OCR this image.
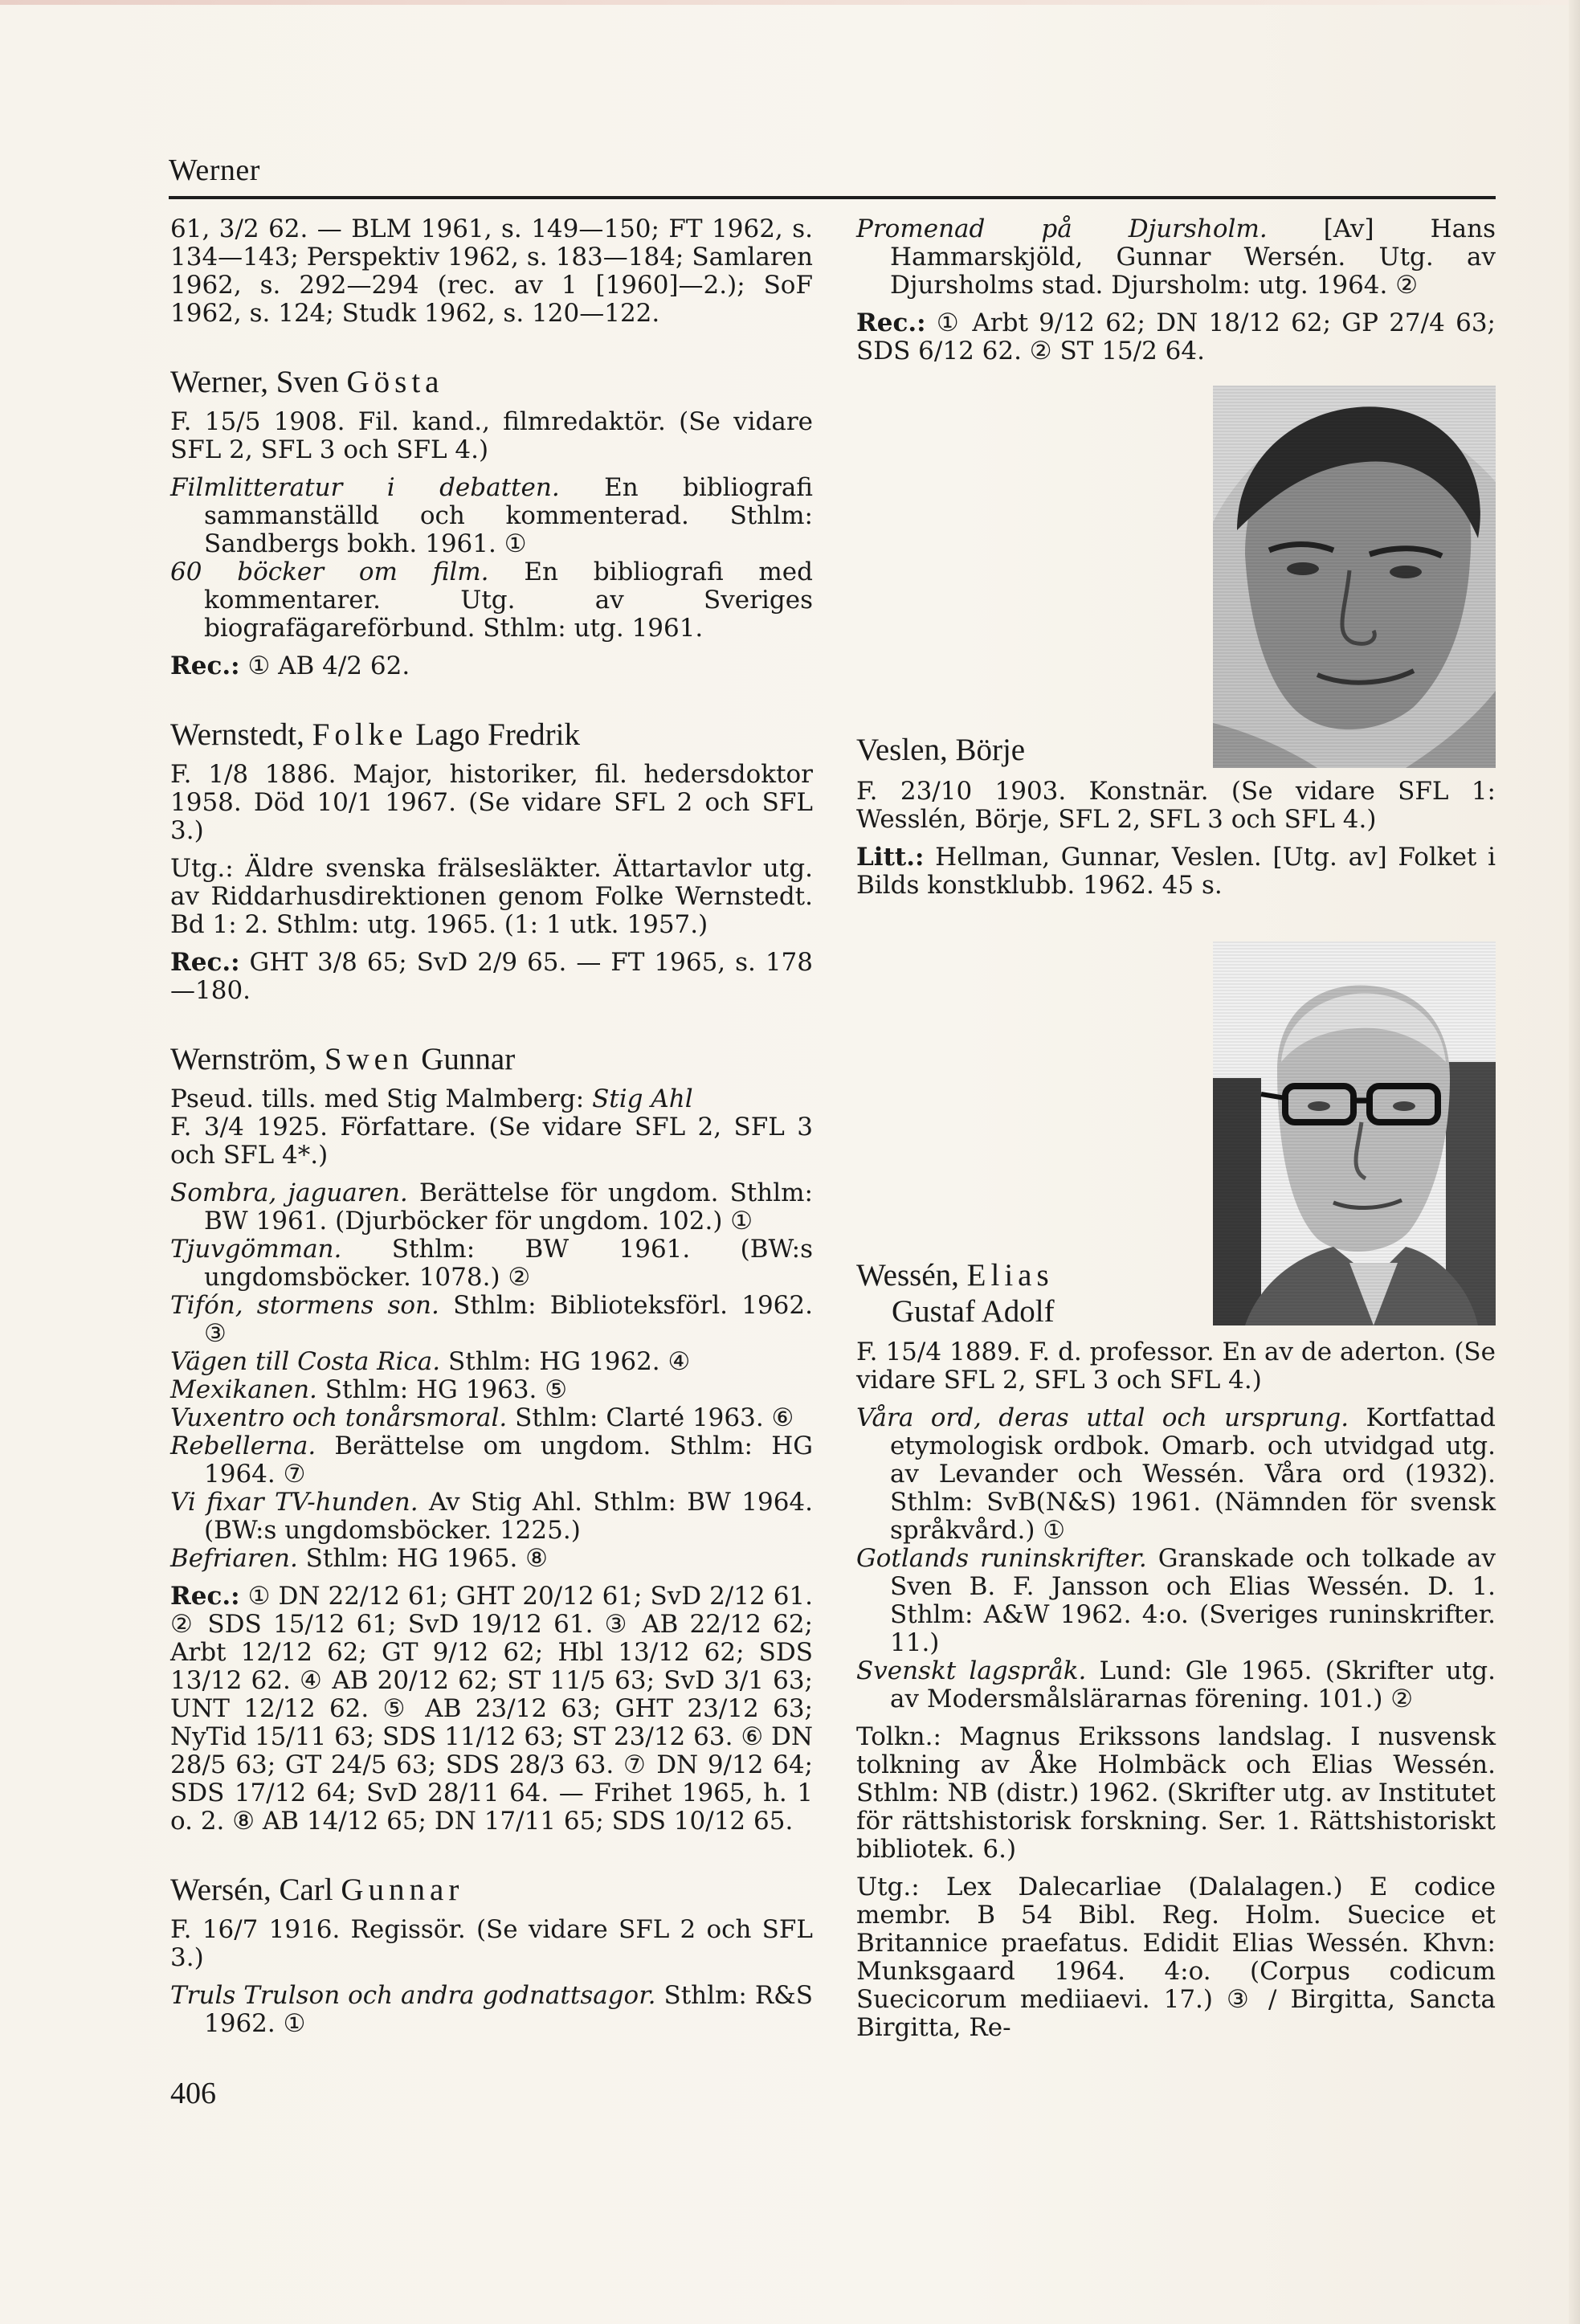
Werner
61, 3/2 62. — BLM 1961, s. 149—150; FT 1962, s. 134—143; Perspektiv 1962, s. 183—184; Samlaren 1962, s. 292—294 (rec. av 1 [1960]—2.); SoF 1962, s. 124; Studk 1962, s. 120—122.
Werner, Sven Gösta
F. 15/5 1908. Fil. kand., filmredaktör. (Se vidare SFL 2, SFL 3 och SFL 4.)
Filmlitteratur i debatten. En bibliografi sammanställd och kommenterad. Sthlm: Sandbergs bokh. 1961. ①
60 böcker om film. En bibliografi med kommentarer. Utg. av Sveriges biografägareförbund. Sthlm: utg. 1961.
Rec.: ① AB 4/2 62.
Wernstedt, Folke Lago Fredrik
F. 1/8 1886. Major, historiker, fil. hedersdoktor 1958. Död 10/1 1967. (Se vidare SFL 2 och SFL 3.)
Utg.: Äldre svenska frälsesläkter. Ättartavlor utg. av Riddarhusdirektionen genom Folke Wernstedt. Bd 1: 2. Sthlm: utg. 1965. (1: 1 utk. 1957.)
Rec.: GHT 3/8 65; SvD 2/9 65. — FT 1965, s. 178—180.
Wernström, Swen Gunnar
Pseud. tills. med Stig Malmberg: Stig Ahl
F. 3/4 1925. Författare. (Se vidare SFL 2, SFL 3 och SFL 4*.)
Sombra, jaguaren. Berättelse för ungdom. Sthlm: BW 1961. (Djurböcker för ungdom. 102.) ①
Tjuvgömman. Sthlm: BW 1961. (BW:s ungdomsböcker. 1078.) ②
Tifón, stormens son. Sthlm: Biblioteksförl. 1962. ③
Vägen till Costa Rica. Sthlm: HG 1962. ④
Mexikanen. Sthlm: HG 1963. ⑤
Vuxentro och tonårsmoral. Sthlm: Clarté 1963. ⑥
Rebellerna. Berättelse om ungdom. Sthlm: HG 1964. ⑦
Vi fixar TV-hunden. Av Stig Ahl. Sthlm: BW 1964. (BW:s ungdomsböcker. 1225.)
Befriaren. Sthlm: HG 1965. ⑧
Rec.: ① DN 22/12 61; GHT 20/12 61; SvD 2/12 61. ② SDS 15/12 61; SvD 19/12 61. ③ AB 22/12 62; Arbt 12/12 62; GT 9/12 62; Hbl 13/12 62; SDS 13/12 62. ④ AB 20/12 62; ST 11/5 63; SvD 3/1 63; UNT 12/12 62. ⑤ AB 23/12 63; GHT 23/12 63; NyTid 15/11 63; SDS 11/12 63; ST 23/12 63. ⑥ DN 28/5 63; GT 24/5 63; SDS 28/3 63. ⑦ DN 9/12 64; SDS 17/12 64; SvD 28/11 64. — Frihet 1965, h. 1 o. 2. ⑧ AB 14/12 65; DN 17/11 65; SDS 10/12 65.
Wersén, Carl Gunnar
F. 16/7 1916. Regissör. (Se vidare SFL 2 och SFL 3.)
Truls Trulson och andra godnattsagor. Sthlm: R&S 1962. ①
Promenad på Djursholm. [Av] Hans Hammarskjöld, Gunnar Wersén. Utg. av Djursholms stad. Djursholm: utg. 1964. ②
Rec.: ① Arbt 9/12 62; DN 18/12 62; GP 27/4 63; SDS 6/12 62. ② ST 15/2 64.
Veslen, Börje
F. 23/10 1903. Konstnär. (Se vidare SFL 1: Wesslén, Börje, SFL 2, SFL 3 och SFL 4.)
Litt.: Hellman, Gunnar, Veslen. [Utg. av] Folket i Bilds konstklubb. 1962. 45 s.
Wessén, Elias
Gustaf Adolf
F. 15/4 1889. F. d. professor. En av de aderton. (Se vidare SFL 2, SFL 3 och SFL 4.)
Våra ord, deras uttal och ursprung. Kortfattad etymologisk ordbok. Omarb. och utvidgad utg. av Levander och Wessén. Våra ord (1932). Sthlm: SvB(N&S) 1961. (Nämnden för svensk språkvård.) ①
Gotlands runinskrifter. Granskade och tolkade av Sven B. F. Jansson och Elias Wessén. D. 1. Sthlm: A&W 1962. 4:o. (Sveriges runinskrifter. 11.)
Svenskt lagspråk. Lund: Gle 1965. (Skrifter utg. av Modersmålslärarnas förening. 101.) ②
Tolkn.: Magnus Erikssons landslag. I nusvensk tolkning av Åke Holmbäck och Elias Wessén. Sthlm: NB (distr.) 1962. (Skrifter utg. av Institutet för rättshistorisk forskning. Ser. 1. Rättshistoriskt bibliotek. 6.)
Utg.: Lex Dalecarliae (Dalalagen.) E codice membr. B 54 Bibl. Reg. Holm. Suecice et Britannice praefatus. Edidit Elias Wessén. Khvn: Munksgaard 1964. 4:o. (Corpus codicum Suecicorum mediiaevi. 17.) ③ / Birgitta, Sancta Birgitta, Re-
406
